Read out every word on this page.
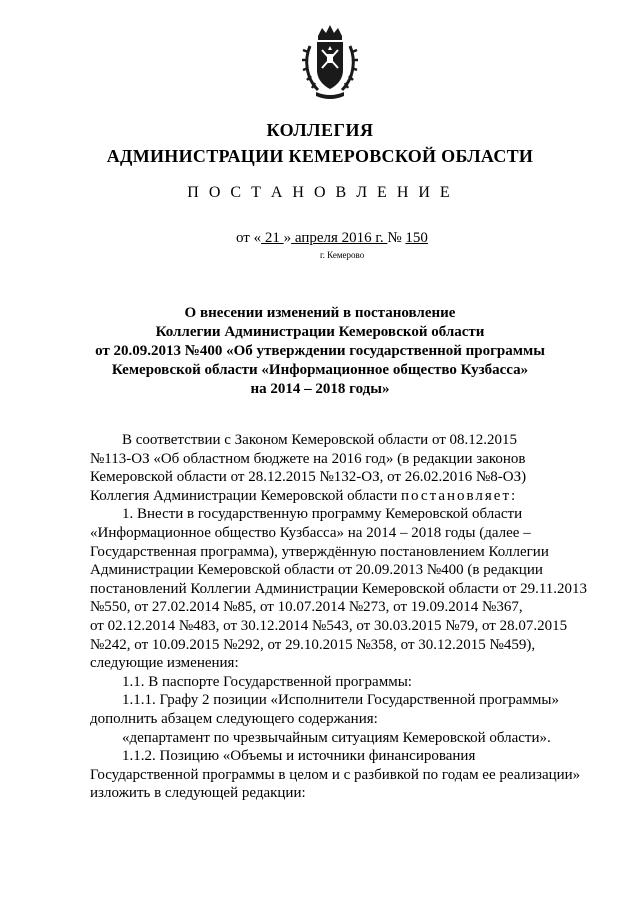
КОЛЛЕГИЯ
АДМИНИСТРАЦИИ КЕМЕРОВСКОЙ ОБЛАСТИ
П О С Т А Н О В Л Е Н И Е
от « 21 » апреля 2016 г. № 150
г. Кемерово
О внесении изменений в постановление
Коллегии Администрации Кемеровской области
от 20.09.2013 №400 «Об утверждении государственной программы
Кемеровской области «Информационное общество Кузбасса»
на 2014 – 2018 годы»
В соответствии с Законом Кемеровской области от 08.12.2015
№113-ОЗ «Об областном бюджете на 2016 год» (в редакции законов
Кемеровской области от 28.12.2015 №132-ОЗ, от 26.02.2016 №8-ОЗ)
Коллегия Администрации Кемеровской области постановляет:
1. Внести в государственную программу Кемеровской области
«Информационное общество Кузбасса» на 2014 – 2018 годы (далее –
Государственная программа), утверждённую постановлением Коллегии
Администрации Кемеровской области от 20.09.2013 №400 (в редакции
постановлений Коллегии Администрации Кемеровской области от 29.11.2013
№550, от 27.02.2014 №85, от 10.07.2014 №273, от 19.09.2014 №367,
от 02.12.2014 №483, от 30.12.2014 №543, от 30.03.2015 №79, от 28.07.2015
№242, от 10.09.2015 №292, от 29.10.2015 №358, от 30.12.2015 №459),
следующие изменения:
1.1. В паспорте Государственной программы:
1.1.1. Графу 2 позиции «Исполнители Государственной программы»
дополнить абзацем следующего содержания:
«департамент по чрезвычайным ситуациям Кемеровской области».
1.1.2. Позицию «Объемы и источники финансирования
Государственной программы в целом и с разбивкой по годам ее реализации»
изложить в следующей редакции:
